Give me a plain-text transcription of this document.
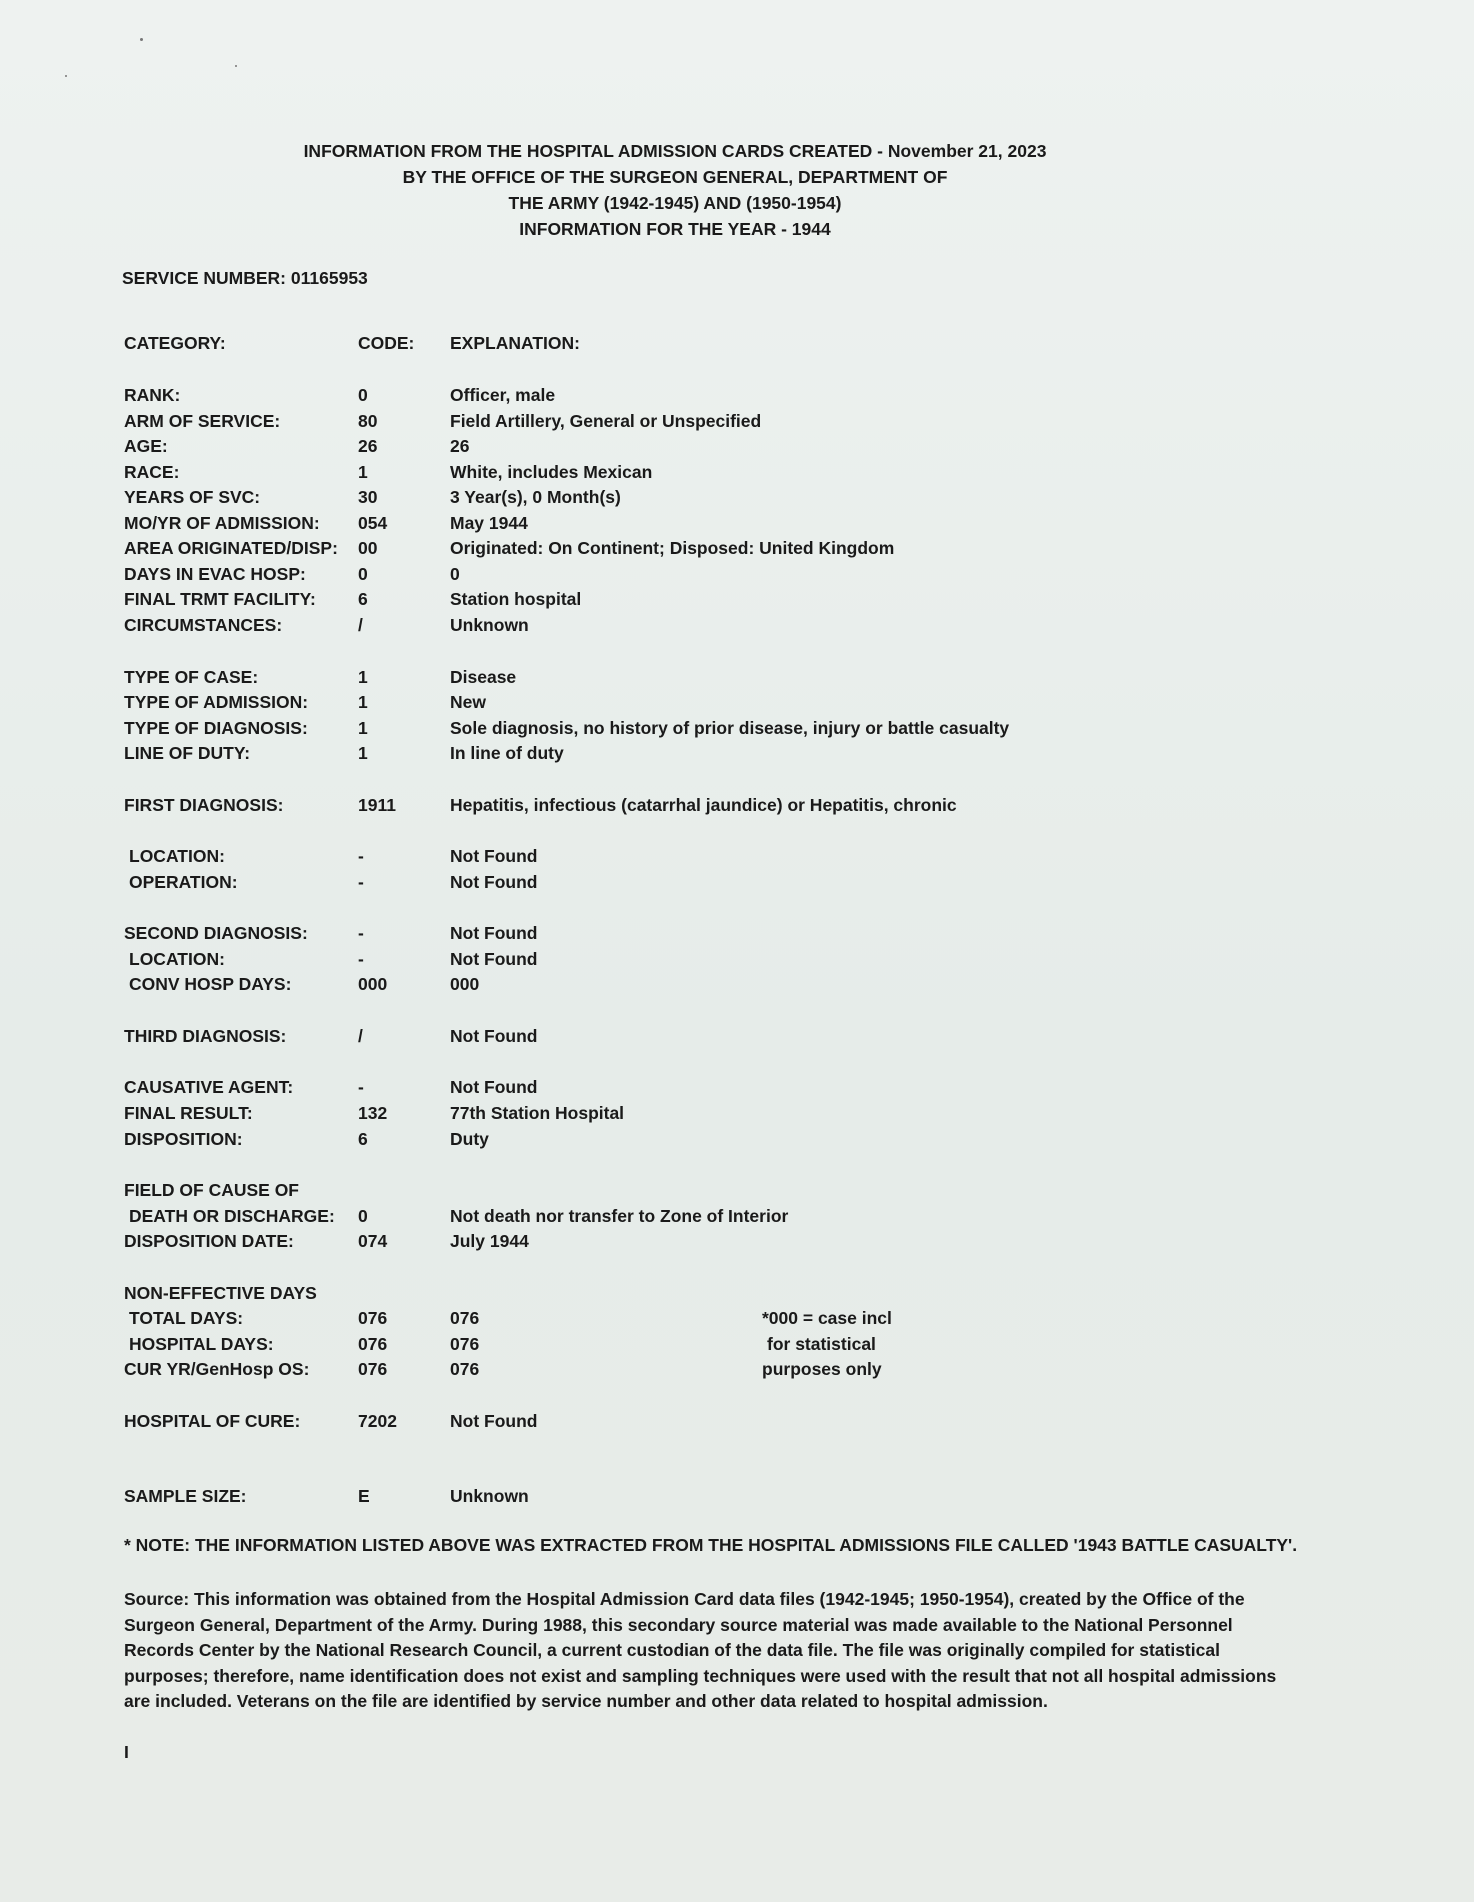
INFORMATION FROM THE HOSPITAL ADMISSION CARDS CREATED - November 21, 2023
BY THE OFFICE OF THE SURGEON GENERAL, DEPARTMENT OF
THE ARMY (1942-1945) AND (1950-1954)
INFORMATION FOR THE YEAR - 1944
SERVICE NUMBER: 01165953
CATEGORY:	CODE: EXPLANATION:
RANK:	0	Officer, male
ARM OF SERVICE:	80	Field Artillery, General or Unspecified
AGE:	26	26
RACE:	1	White, includes Mexican
YEARS OF SVC:	30	3 Year(s), 0 Month(s)
MO/YR OF ADMISSION: 054	May 1944
AREA ORIGINATED/DISP: 00	Originated: On Continent; Disposed: United Kingdom
DAYS IN EVAC HOSP:	0	0
FINAL TRMT FACILITY: 6	Station hospital
CIRCUMSTANCES:	/	Unknown
TYPE OF CASE:	1	Disease
TYPE OF ADMISSION:	1	New
TYPE OF DIAGNOSIS:	1	Sole diagnosis, no history of prior disease, injury or battle casualty
LINE OF DUTY:	1	In line of duty
FIRST DIAGNOSIS:	1911	Hepatitis, infectious (catarrhal jaundice) or Hepatitis, chronic
LOCATION:	-	Not Found
OPERATION:	-	Not Found
SECOND DIAGNOSIS:	-	Not Found
LOCATION:	-	Not Found
CONV HOSP DAYS:	000	000
THIRD DIAGNOSIS:	/	Not Found
CAUSATIVE AGENT:	-	Not Found
FINAL RESULT:	132	77th Station Hospital
DISPOSITION:	6	Duty
FIELD OF CAUSE OF
DEATH OR DISCHARGE: 0	Not death nor transfer to Zone of Interior
DISPOSITION DATE:	074	July 1944
NON-EFFECTIVE DAYS
TOTAL DAYS:	076	076	*000 = case incl
HOSPITAL DAYS:	076	076	for statistical
CUR YR/GenHosp OS:	076	076	purposes only
HOSPITAL OF CURE:	7202	Not Found
SAMPLE SIZE:	E	Unknown
* NOTE: THE INFORMATION LISTED ABOVE WAS EXTRACTED FROM THE HOSPITAL ADMISSIONS FILE CALLED '1943 BATTLE CASUALTY'.
Source: This information was obtained from the Hospital Admission Card data files (1942-1945; 1950-1954), created by the Office of the
Surgeon General, Department of the Army. During 1988, this secondary source material was made available to the National Personnel
Records Center by the National Research Council, a current custodian of the data file. The file was originally compiled for statistical
purposes; therefore, name identification does not exist and sampling techniques were used with the result that not all hospital admissions
are included. Veterans on the file are identified by service number and other data related to hospital admission.
I
